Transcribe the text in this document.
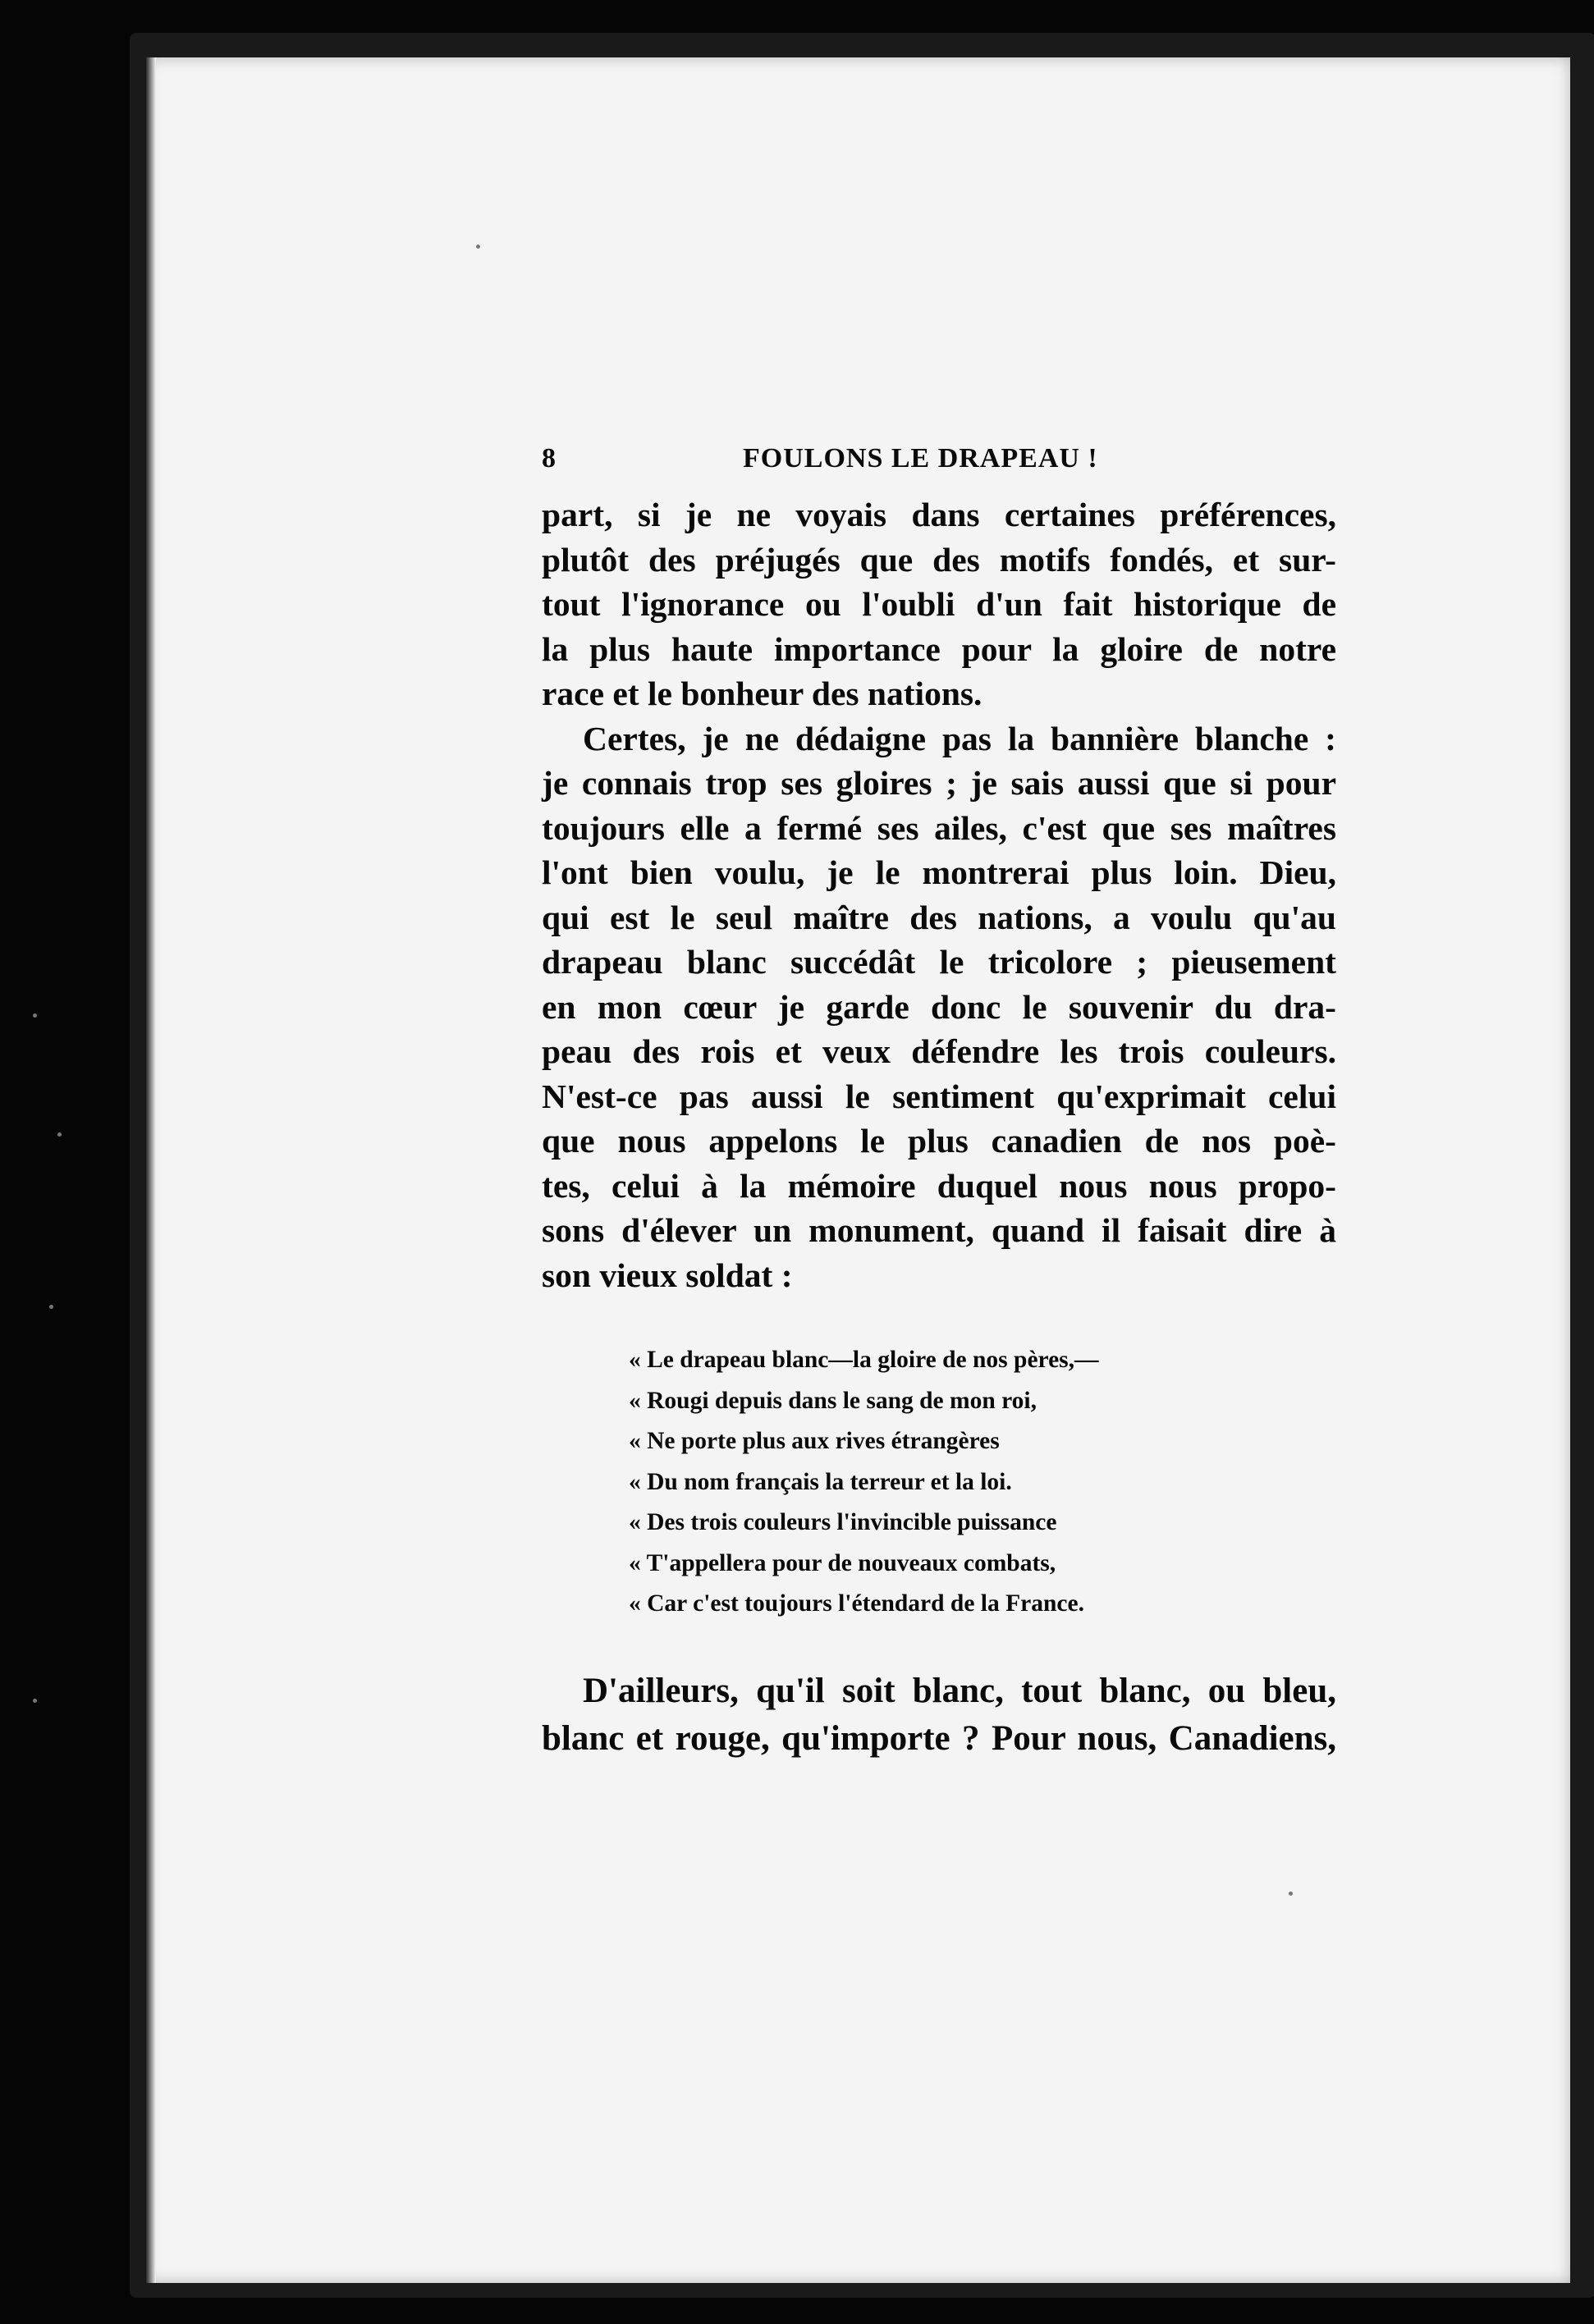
8	FOULONS LE DRAPEAU !

part, si je ne voyais dans certaines préférences,
plutôt des préjugés que des motifs fondés, et sur-
tout l'ignorance ou l'oubli d'un fait historique de
la plus haute importance pour la gloire de notre
race et le bonheur des nations.

Certes, je ne dédaigne pas la bannière blanche :
je connais trop ses gloires ; je sais aussi que si pour
toujours elle a fermé ses ailes, c'est que ses maîtres
l'ont bien voulu, je le montrerai plus loin. Dieu,
qui est le seul maître des nations, a voulu qu'au
drapeau blanc succédât le tricolore ; pieusement
en mon cœur je garde donc le souvenir du dra-
peau des rois et veux défendre les trois couleurs.
N'est-ce pas aussi le sentiment qu'exprimait celui
que nous appelons le plus canadien de nos poè-
tes, celui à la mémoire duquel nous nous propo-
sons d'élever un monument, quand il faisait dire à
son vieux soldat :

« Le drapeau blanc—la gloire de nos pères,—
« Rougi depuis dans le sang de mon roi,
« Ne porte plus aux rives étrangères
« Du nom français la terreur et la loi.
« Des trois couleurs l'invincible puissance
« T'appellera pour de nouveaux combats,
« Car c'est toujours l'étendard de la France.

D'ailleurs, qu'il soit blanc, tout blanc, ou bleu,
blanc et rouge, qu'importe ? Pour nous, Canadiens,
